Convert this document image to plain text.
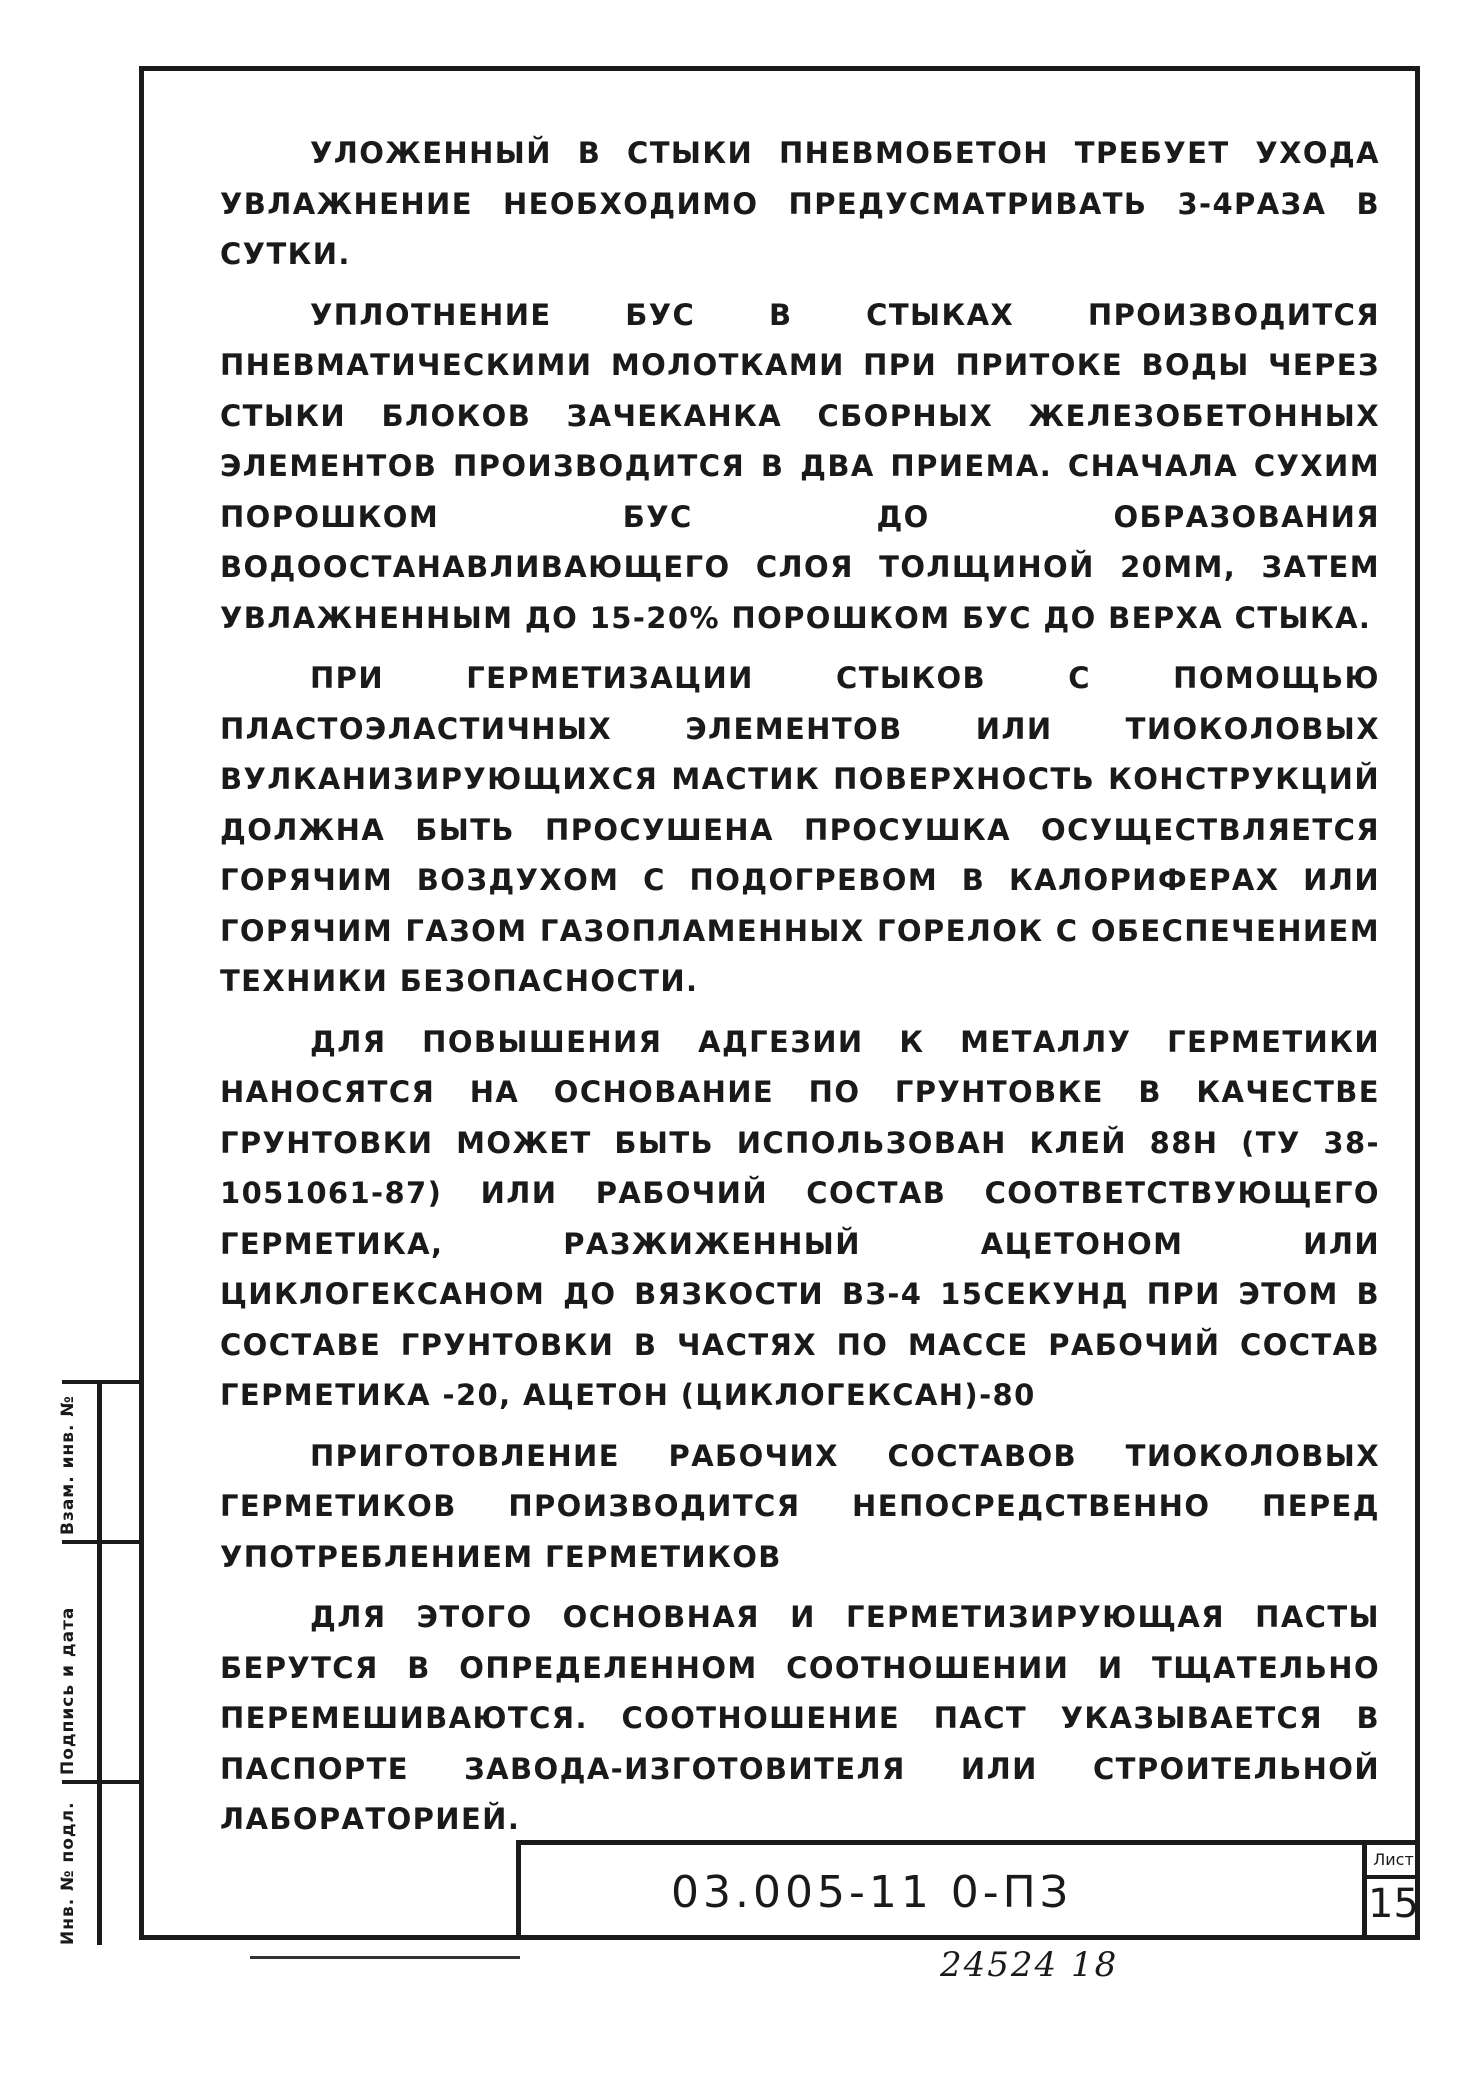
УЛОЖЕННЫЙ В СТЫКИ ПНЕВМОБЕТОН ТРЕБУЕТ УХОДА УВЛАЖНЕНИЕ НЕОБХОДИМО ПРЕДУСМАТРИВАТЬ 3-4РАЗА В СУТКИ.

УПЛОТНЕНИЕ БУС В СТЫКАХ ПРОИЗВОДИТСЯ ПНЕВМАТИЧЕСКИМИ МОЛОТКАМИ ПРИ ПРИТОКЕ ВОДЫ ЧЕРЕЗ СТЫКИ БЛОКОВ ЗАЧЕКАНКА СБОРНЫХ ЖЕЛЕЗОБЕТОННЫХ ЭЛЕМЕНТОВ ПРОИЗВОДИТСЯ В ДВА ПРИЕМА. СНАЧАЛА СУХИМ ПОРОШКОМ БУС ДО ОБРАЗОВАНИЯ ВОДООСТАНАВЛИВАЮЩЕГО СЛОЯ ТОЛЩИНОЙ 20ММ, ЗАТЕМ УВЛАЖНЕННЫМ ДО 15-20% ПОРОШКОМ БУС ДО ВЕРХА СТЫКА.

ПРИ ГЕРМЕТИЗАЦИИ СТЫКОВ С ПОМОЩЬЮ ПЛАСТОЭЛАСТИЧНЫХ ЭЛЕМЕНТОВ ИЛИ ТИОКОЛОВЫХ ВУЛКАНИЗИРУЮЩИХСЯ МАСТИК ПОВЕРХНОСТЬ КОНСТРУКЦИЙ ДОЛЖНА БЫТЬ ПРОСУШЕНА ПРОСУШКА ОСУЩЕСТВЛЯЕТСЯ ГОРЯЧИМ ВОЗДУХОМ С ПОДОГРЕВОМ В КАЛОРИФЕРАХ ИЛИ ГОРЯЧИМ ГАЗОМ ГАЗОПЛАМЕННЫХ ГОРЕЛОК С ОБЕСПЕЧЕНИЕМ ТЕХНИКИ БЕЗОПАСНОСТИ.

ДЛЯ ПОВЫШЕНИЯ АДГЕЗИИ К МЕТАЛЛУ ГЕРМЕТИКИ НАНОСЯТСЯ НА ОСНОВАНИЕ ПО ГРУНТОВКЕ В КАЧЕСТВЕ ГРУНТОВКИ МОЖЕТ БЫТЬ ИСПОЛЬЗОВАН КЛЕЙ 88Н (ТУ 38-1051061-87) ИЛИ РАБОЧИЙ СОСТАВ СООТВЕТСТВУЮЩЕГО ГЕРМЕТИКА, РАЗЖИЖЕННЫЙ АЦЕТОНОМ ИЛИ ЦИКЛОГЕКСАНОМ ДО ВЯЗКОСТИ ВЗ-4 15СЕКУНД ПРИ ЭТОМ В СОСТАВЕ ГРУНТОВКИ В ЧАСТЯХ ПО МАССЕ РАБОЧИЙ СОСТАВ ГЕРМЕТИКА -20, АЦЕТОН (ЦИКЛОГЕКСАН)-80

ПРИГОТОВЛЕНИЕ РАБОЧИХ СОСТАВОВ ТИОКОЛОВЫХ ГЕРМЕТИКОВ ПРОИЗВОДИТСЯ НЕПОСРЕДСТВЕННО ПЕРЕД УПОТРЕБЛЕНИЕМ ГЕРМЕТИКОВ

ДЛЯ ЭТОГО ОСНОВНАЯ И ГЕРМЕТИЗИРУЮЩАЯ ПАСТЫ БЕРУТСЯ В ОПРЕДЕЛЕННОМ СООТНОШЕНИИ И ТЩАТЕЛЬНО ПЕРЕМЕШИВАЮТСЯ. СООТНОШЕНИЕ ПАСТ УКАЗЫВАЕТСЯ В ПАСПОРТЕ ЗАВОДА-ИЗГОТОВИТЕЛЯ ИЛИ СТРОИТЕЛЬНОЙ ЛАБОРАТОРИЕЙ.

Инв. № подл.
Подпись и дата
Взам. инв. №
03.005-11 0-ПЗ
Лист
15
24524 18
